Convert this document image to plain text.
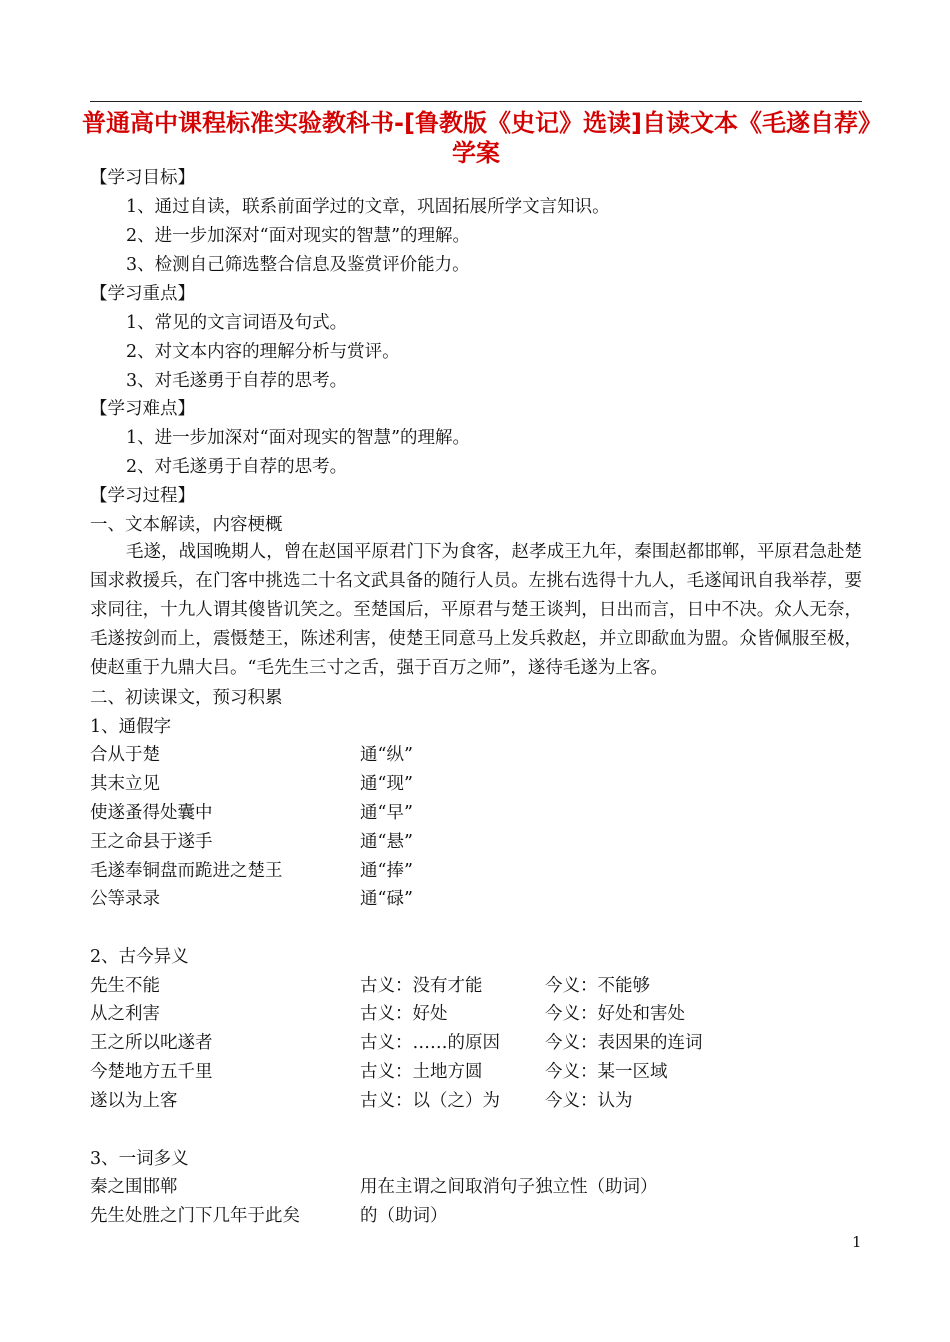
普通高中课程标准实验教科书-[鲁教版《史记》选读]自读文本《毛遂自荐》学案
【学习目标】
1、通过自读，联系前面学过的文章，巩固拓展所学文言知识。
2、进一步加深对“面对现实的智慧”的理解。
3、检测自己筛选整合信息及鉴赏评价能力。
【学习重点】
1、常见的文言词语及句式。
2、对文本内容的理解分析与赏评。
3、对毛遂勇于自荐的思考。
【学习难点】
1、进一步加深对“面对现实的智慧”的理解。
2、对毛遂勇于自荐的思考。
【学习过程】
一、文本解读，内容梗概
毛遂，战国晚期人，曾在赵国平原君门下为食客，赵孝成王九年，秦围赵都邯郸，平原君急赴楚国求救援兵，在门客中挑选二十名文武具备的随行人员。左挑右选得十九人，毛遂闻讯自我举荐，要求同往，十九人谓其傻皆讥笑之。至楚国后，平原君与楚王谈判，日出而言，日中不决。众人无奈，毛遂按剑而上，震慑楚王，陈述利害，使楚王同意马上发兵救赵，并立即歃血为盟。众皆佩服至极，使赵重于九鼎大吕。“毛先生三寸之舌，强于百万之师”，遂待毛遂为上客。
二、初读课文，预习积累
1、通假字
合从于楚	通“纵”
其末立见	通“现”
使遂蚤得处囊中	通“早”
王之命县于遂手	通“悬”
毛遂奉铜盘而跪进之楚王	通“捧”
公等录录	通“碌”
2、古今异义
先生不能	古义：没有才能	今义：不能够
从之利害	古义：好处	今义：好处和害处
王之所以叱遂者	古义：……的原因	今义：表因果的连词
今楚地方五千里	古义：土地方圆	今义：某一区域
遂以为上客	古义：以（之）为	今义：认为
3、一词多义
秦之围邯郸	用在主谓之间取消句子独立性（助词）
先生处胜之门下几年于此矣	的（助词）
1
